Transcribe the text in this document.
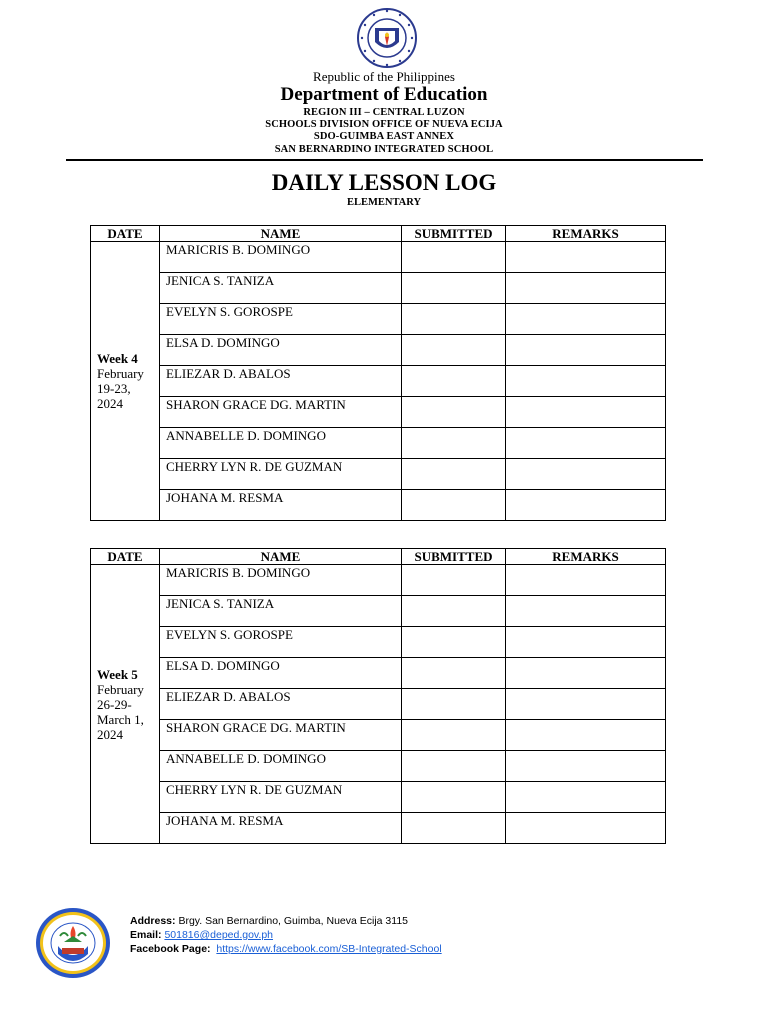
Republic of the Philippines
Department of Education
REGION III – CENTRAL LUZON
SCHOOLS DIVISION OFFICE OF NUEVA ECIJA
SDO-GUIMBA EAST ANNEX
SAN BERNARDINO INTEGRATED SCHOOL
DAILY LESSON LOG
ELEMENTARY
DATE	NAME	SUBMITTED	REMARKS

Week 4
February
19-23,
2024	MARICRIS B. DOMINGO		
	JENICA S. TANIZA		
	EVELYN S. GOROSPE		
	ELSA D. DOMINGO		
	ELIEZAR D. ABALOS		
	SHARON GRACE DG. MARTIN		
	ANNABELLE D. DOMINGO		
	CHERRY LYN R. DE GUZMAN		
	JOHANA M. RESMA		
DATE	NAME	SUBMITTED	REMARKS

Week 5
February
26-29-
March 1,
2024	MARICRIS B. DOMINGO		
	JENICA S. TANIZA		
	EVELYN S. GOROSPE		
	ELSA D. DOMINGO		
	ELIEZAR D. ABALOS		
	SHARON GRACE DG. MARTIN		
	ANNABELLE D. DOMINGO		
	CHERRY LYN R. DE GUZMAN		
	JOHANA M. RESMA		
Address: Brgy. San Bernardino, Guimba, Nueva Ecija 3115
Email: 501816@deped.gov.ph
Facebook Page: https://www.facebook.com/SB-Integrated-School
